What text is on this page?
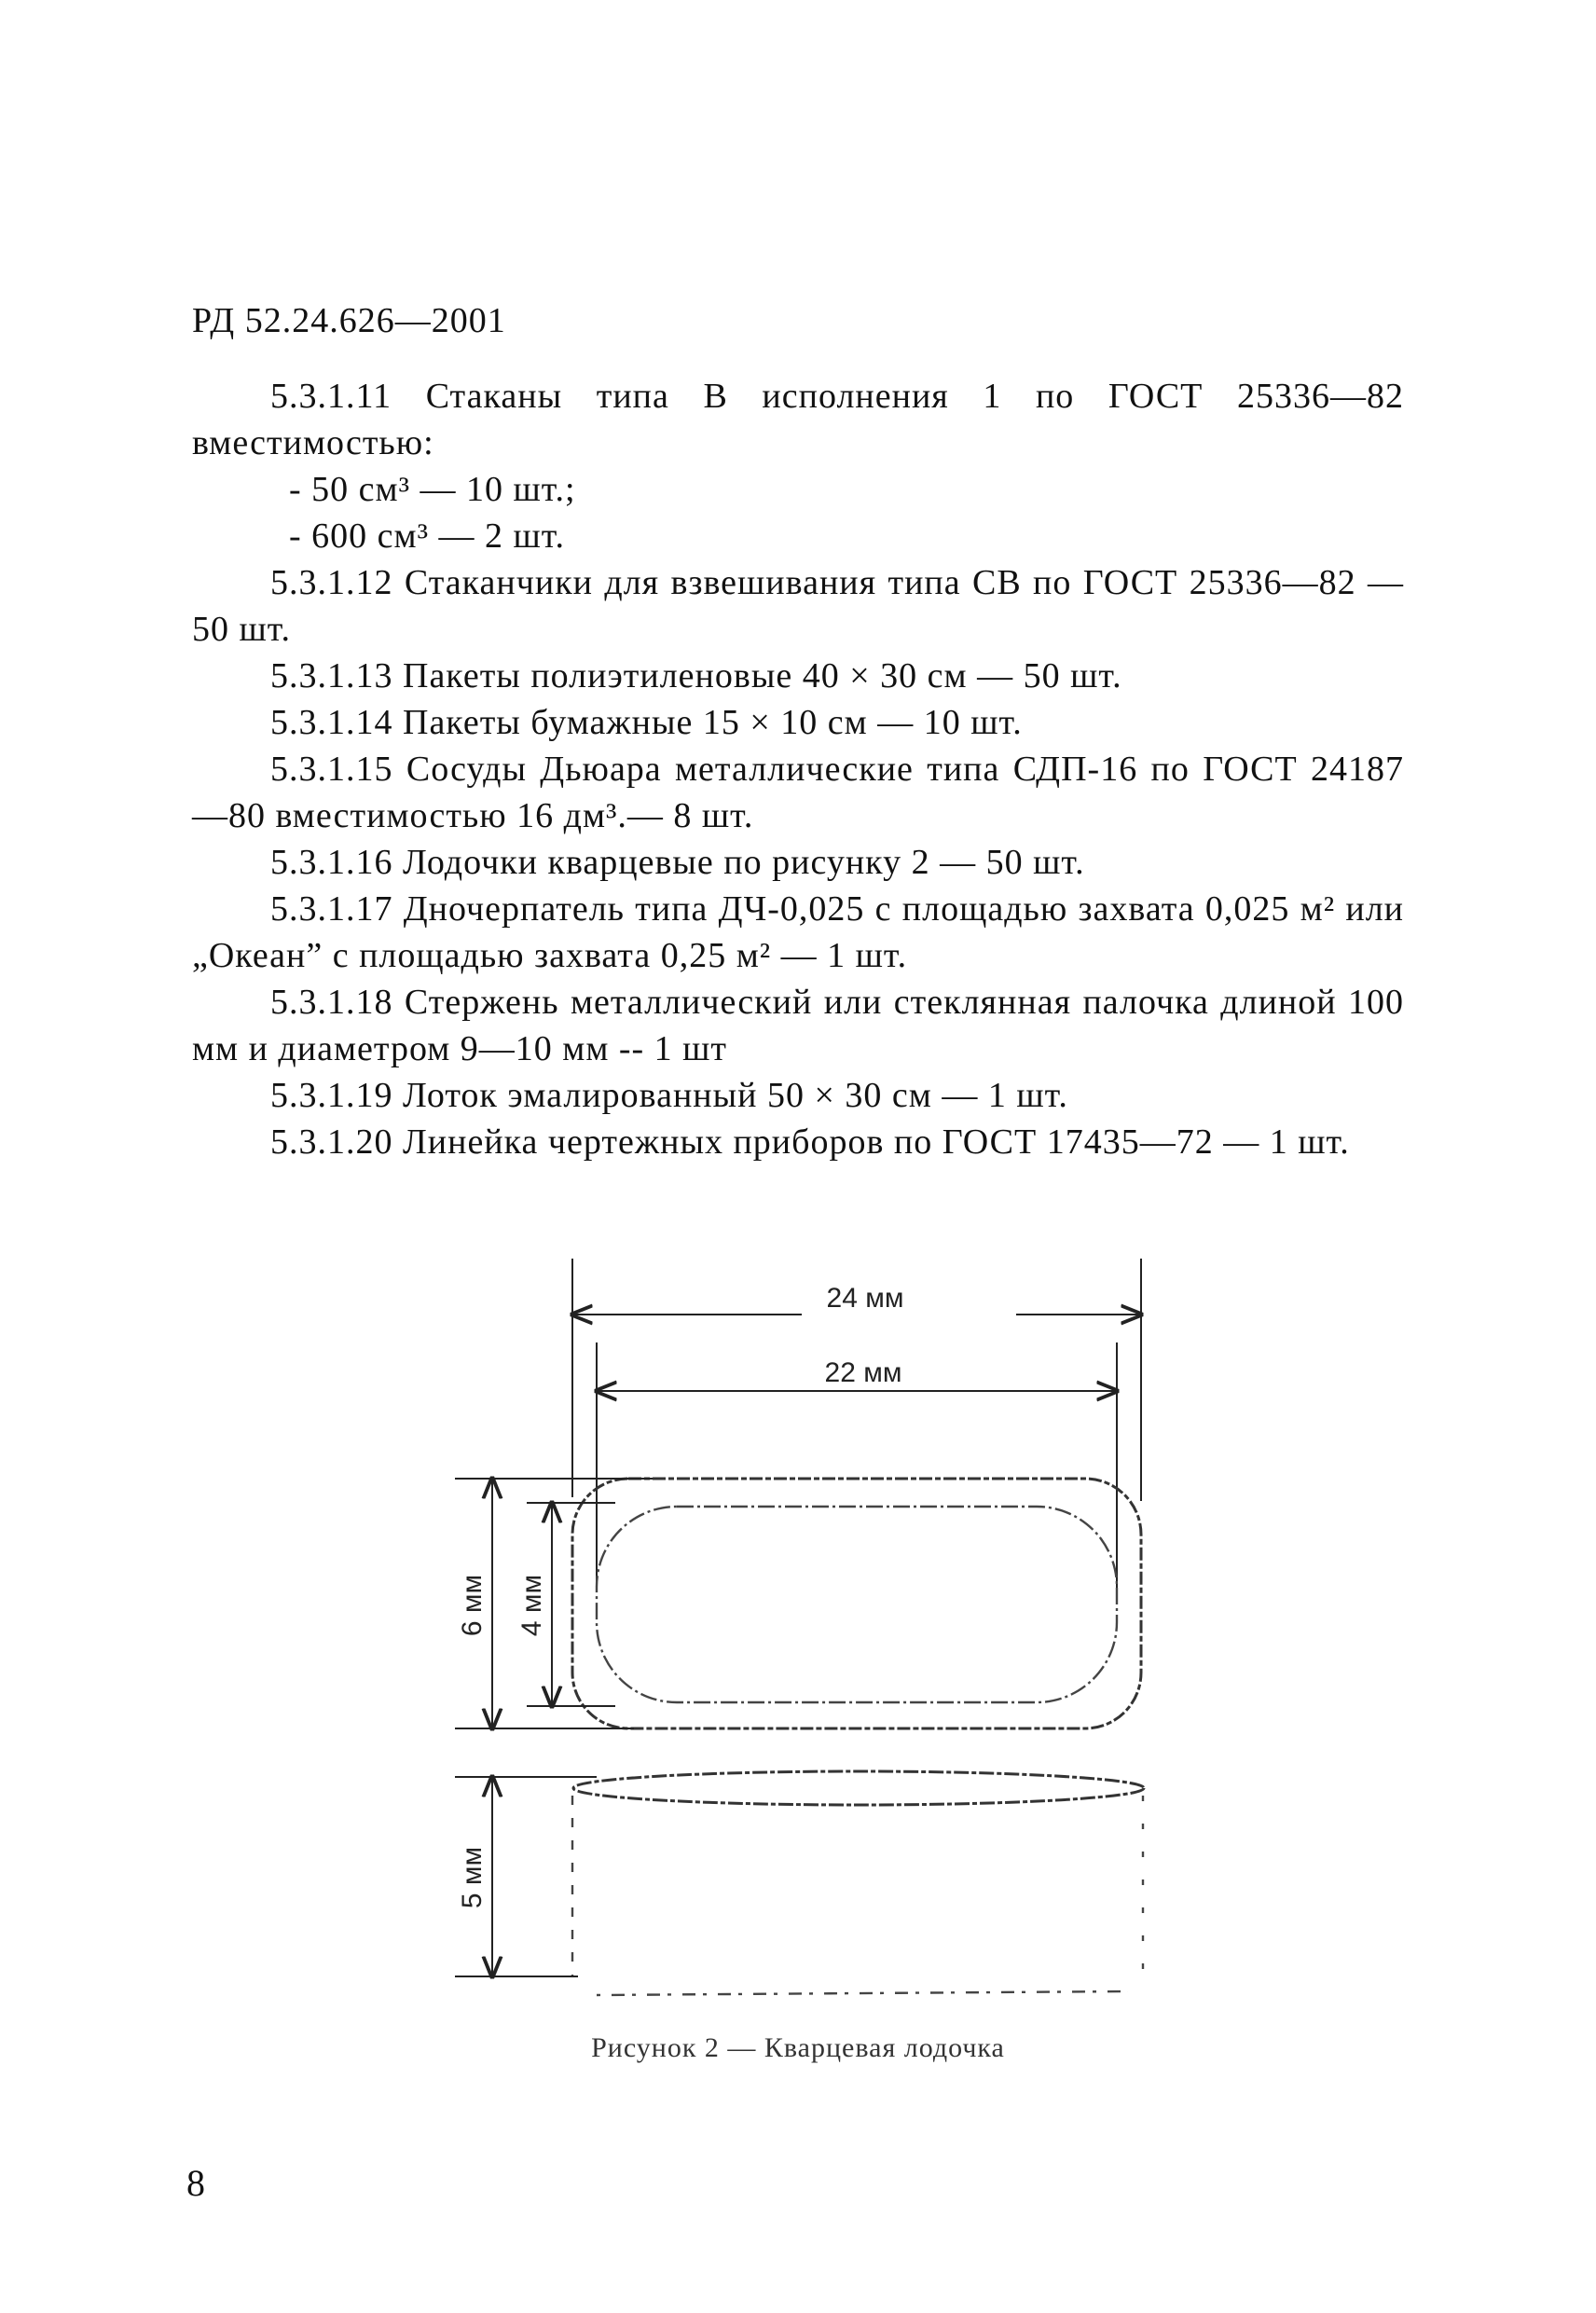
РД 52.24.626—2001

5.3.1.11 Стаканы типа В исполнения 1 по ГОСТ 25336—82 вместимостью:

- 50 см³ — 10 шт.;

- 600 см³ — 2 шт.

5.3.1.12 Стаканчики для взвешивания типа СВ по ГОСТ 25336—82 — 50 шт.

5.3.1.13 Пакеты полиэтиленовые 40 × 30 см — 50 шт.

5.3.1.14 Пакеты бумажные 15 × 10 см — 10 шт.

5.3.1.15 Сосуды Дьюара металлические типа СДП-16 по ГОСТ 24187—80 вместимостью 16 дм³.— 8 шт.

5.3.1.16 Лодочки кварцевые по рисунку 2 — 50 шт.

5.3.1.17 Дночерпатель типа ДЧ-0,025 с площадью захвата 0,025 м² или „Океан” с площадью захвата 0,25 м² — 1 шт.

5.3.1.18 Стержень металлический или стеклянная палочка длиной 100 мм и диаметром 9—10 мм -- 1 шт

5.3.1.19 Лоток эмалированный 50 × 30 см — 1 шт.

5.3.1.20 Линейка чертежных приборов по ГОСТ 17435—72 — 1 шт.

24 мм
22 мм
6 мм 4 мм
5 мм
Рисунок 2 — Кварцевая лодочка
8
